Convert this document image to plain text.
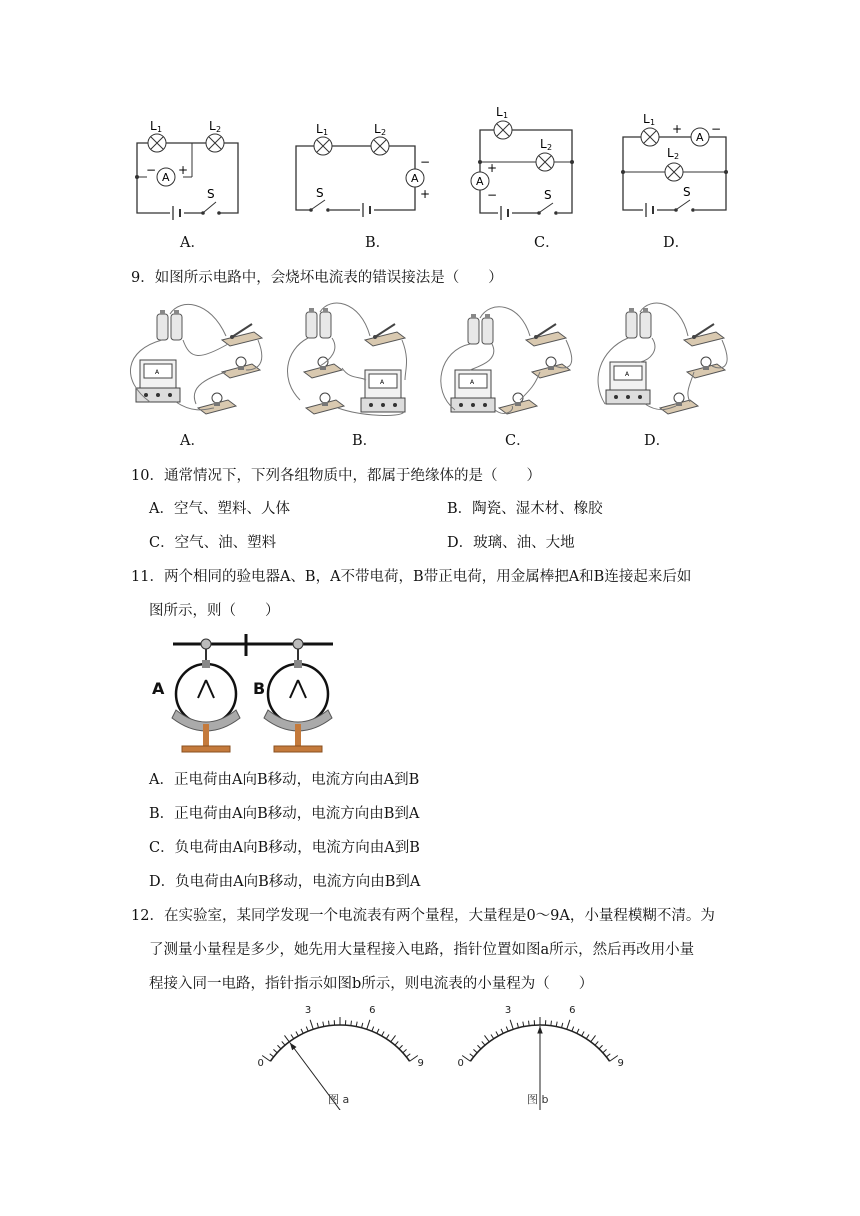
A
− +
L 1	L 2
S
L 1	L 2
A
−
+
S
L 1
L 2
A
+
−	S
A
+ −
L 1
L 2
S
A．	B．	C．	D．
9．如图所示电路中，会烧坏电流表的错误接法是（　　）
A
A．	B．	C．	D．
10．通常情况下，下列各组物质中，都属于绝缘体的是（　　）
A．空气、塑料、人体	B．陶瓷、湿木材、橡胶
C．空气、油、塑料	D．玻璃、油、大地
11．两个相同的验电器A、B，A不带电荷，B带正电荷，用金属棒把A和B连接起来后如
图所示，则（　　）
A	B
A．正电荷由A向B移动，电流方向由A到B
B．正电荷由A向B移动，电流方向由B到A
C．负电荷由A向B移动，电流方向由A到B
D．负电荷由A向B移动，电流方向由B到A
12．在实验室，某同学发现一个电流表有两个量程，大量程是0～9A，小量程模糊不清。为
了测量小量程是多少，她先用大量程接入电路，指针位置如图a所示，然后再改用小量
程接入同一电路，指针指示如图b所示，则电流表的小量程为（　　）
0
3	6
9	0
3	6
9
图 a	图 b
